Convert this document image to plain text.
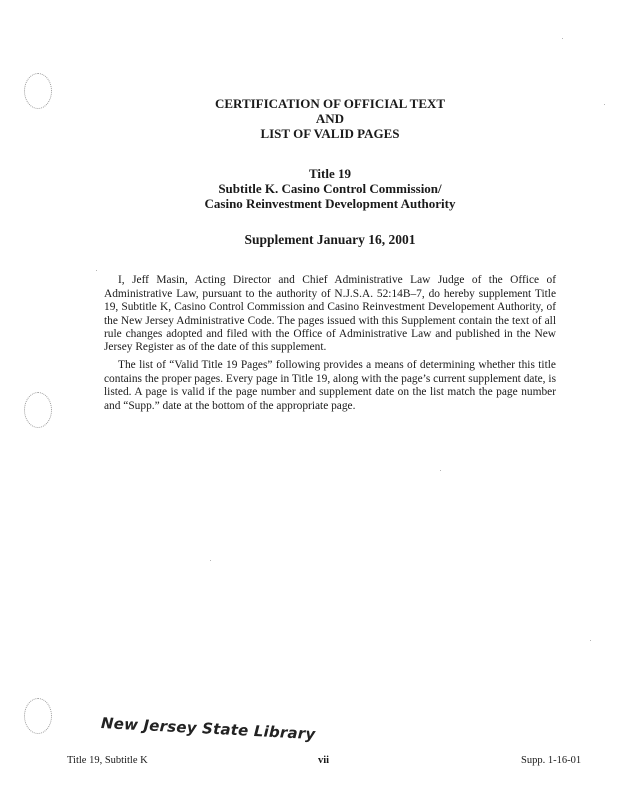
CERTIFICATION OF OFFICIAL TEXT
AND
LIST OF VALID PAGES
Title 19
Subtitle K. Casino Control Commission/
Casino Reinvestment Development Authority
Supplement January 16, 2001

I, Jeff Masin, Acting Director and Chief Administrative Law Judge of the Office of Administrative Law, pursuant to the authority of N.J.S.A. 52:14B–7, do hereby supplement Title 19, Subtitle K, Casino Control Commission and Casino Reinvestment Developement Authority, of the New Jersey Administrative Code. The pages issued with this Supplement contain the text of all rule changes adopted and filed with the Office of Administrative Law and published in the New Jersey Register as of the date of this supplement.

The list of “Valid Title 19 Pages” following provides a means of determining whether this title contains the proper pages. Every page in Title 19, along with the page’s current supplement date, is listed. A page is valid if the page number and supplement date on the list match the page number and “Supp.” date at the bottom of the appropriate page.

New Jersey State Library
Title 19, Subtitle K	vii	Supp. 1-16-01
